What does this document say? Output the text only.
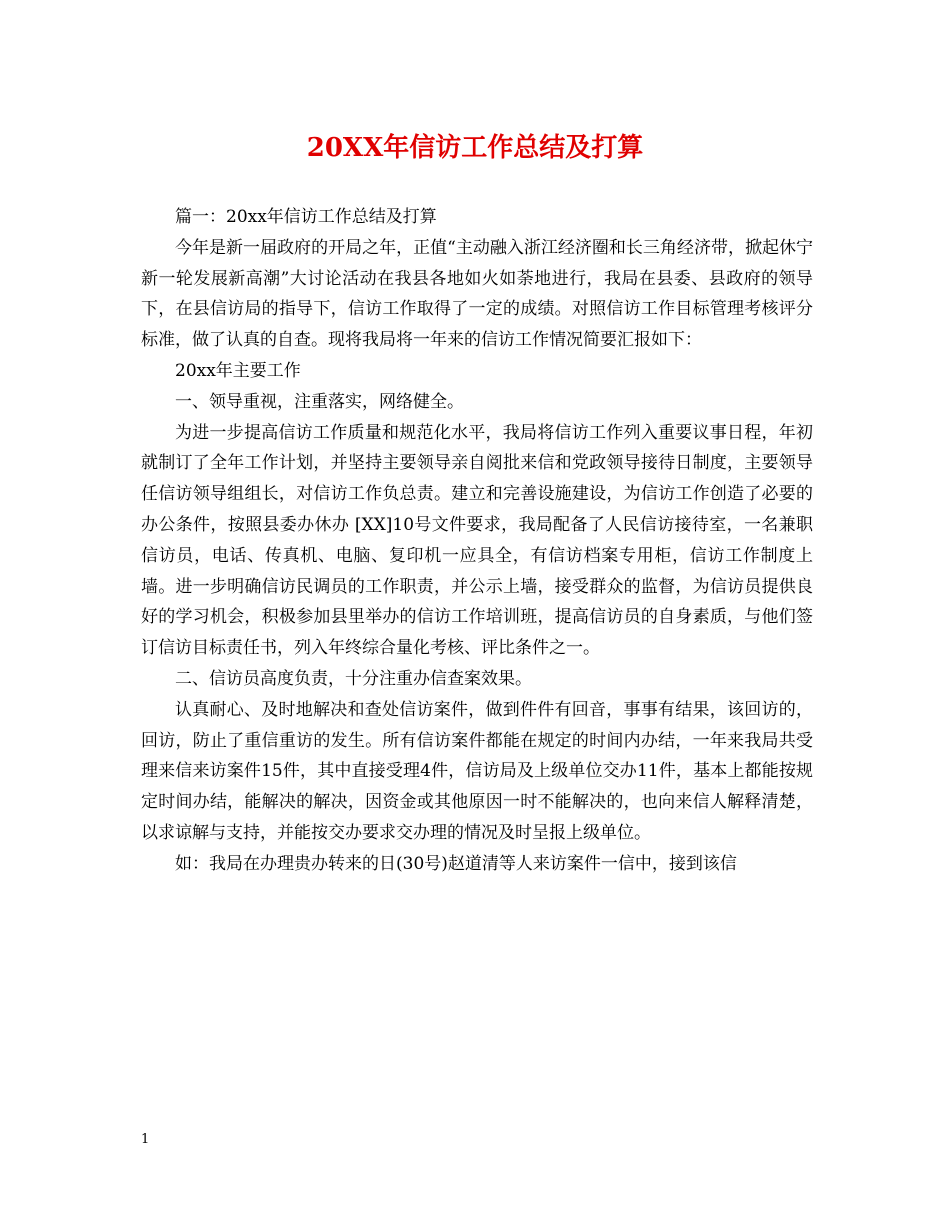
20XX年信访工作总结及打算

篇一：20xx年信访工作总结及打算

今年是新一届政府的开局之年，正值“主动融入浙江经济圈和长三角经济带，掀起休宁新一轮发展新高潮”大讨论活动在我县各地如火如荼地进行，我局在县委、县政府的领导下，在县信访局的指导下，信访工作取得了一定的成绩。对照信访工作目标管理考核评分标准，做了认真的自查。现将我局将一年来的信访工作情况简要汇报如下：

20xx年主要工作

一、领导重视，注重落实，网络健全。

为进一步提高信访工作质量和规范化水平，我局将信访工作列入重要议事日程，年初就制订了全年工作计划，并坚持主要领导亲自阅批来信和党政领导接待日制度，主要领导任信访领导组组长，对信访工作负总责。建立和完善设施建设，为信访工作创造了必要的办公条件，按照县委办休办 [XX]10号文件要求，我局配备了人民信访接待室，一名兼职信访员，电话、传真机、电脑、复印机一应具全，有信访档案专用柜，信访工作制度上墙。进一步明确信访民调员的工作职责，并公示上墙，接受群众的监督，为信访员提供良好的学习机会，积极参加县里举办的信访工作培训班，提高信访员的自身素质，与他们签订信访目标责任书，列入年终综合量化考核、评比条件之一。

二、信访员高度负责，十分注重办信查案效果。

认真耐心、及时地解决和查处信访案件，做到件件有回音，事事有结果，该回访的，回访，防止了重信重访的发生。所有信访案件都能在规定的时间内办结，一年来我局共受理来信来访案件15件，其中直接受理4件，信访局及上级单位交办11件，基本上都能按规定时间办结，能解决的解决，因资金或其他原因一时不能解决的，也向来信人解释清楚，以求谅解与支持，并能按交办要求交办理的情况及时呈报上级单位。

如：我局在办理贵办转来的日(30号)赵道清等人来访案件一信中，接到该信

1
